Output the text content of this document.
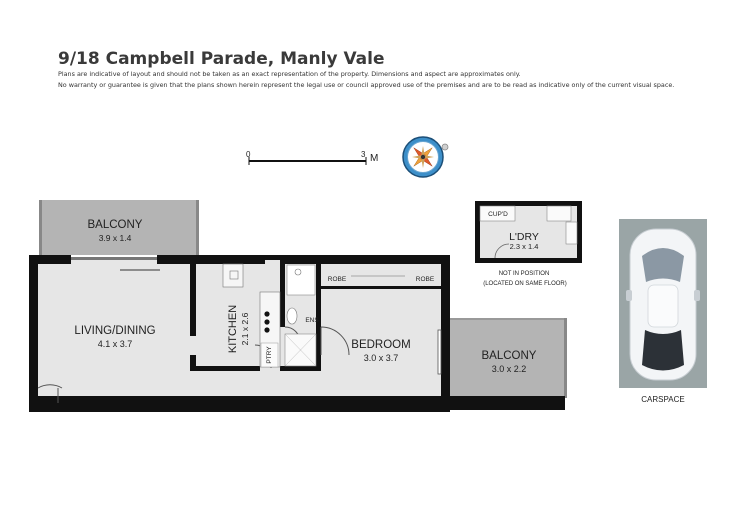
9/18 Campbell Parade, Manly Vale
Plans are indicative of layout and should not be taken as an exact representation of the property. Dimensions and aspect are approximates only.
No warranty or guarantee is given that the plans shown herein represent the legal use or council approved use of the premises and are to be read as indicative only of the current visual space.
0	3 M
BALCONY
3.9 x 1.4
LIVING/DINING
4.1 x 3.7	KITCHEN 2.1 x 2.6
PTRY
ENS
ROBE	ROBE
BEDROOM
3.0 x 3.7	BALCONY
3.0 x 2.2
CUP'D
L'DRY
2.3 x 1.4
NOT IN POSITION
(LOCATED ON SAME FLOOR)
CARSPACE
